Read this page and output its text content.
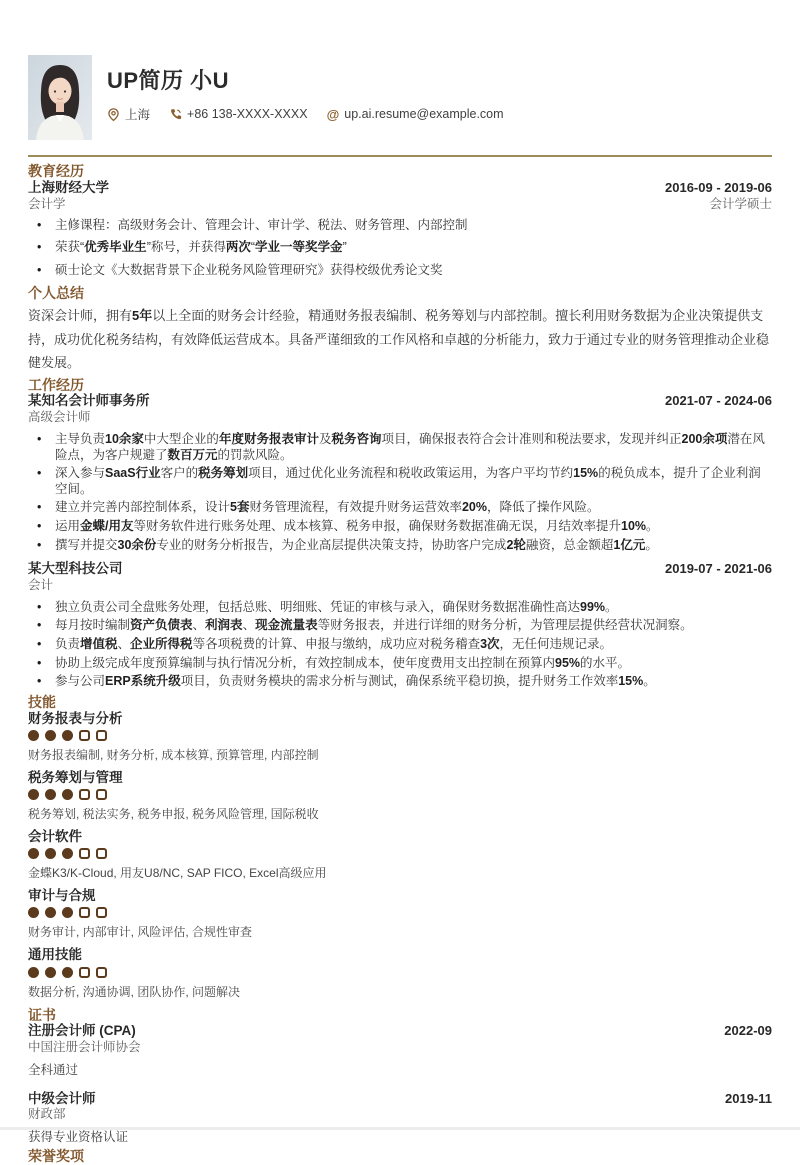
UP简历 小U
上海	+86 138-XXXX-XXXX @ up.ai.resume@example.com
教育经历
上海财经大学	2016-09 - 2019-06
会计学	会计学硕士
• 主修课程：高级财务会计、管理会计、审计学、税法、财务管理、内部控制
• 荣获“优秀毕业生”称号，并获得两次“学业一等奖学金”
• 硕士论文《大数据背景下企业税务风险管理研究》获得校级优秀论文奖
个人总结

资深会计师，拥有5年以上全面的财务会计经验，精通财务报表编制、税务筹划与内部控制。擅长利用财务数据为企业决策提供支持，成功优化税务结构，有效降低运营成本。具备严谨细致的工作风格和卓越的分析能力，致力于通过专业的财务管理推动企业稳健发展。

工作经历
某知名会计师事务所	2021-07 - 2024-06
高级会计师
• 主导负责10余家中大型企业的年度财务报表审计及税务咨询项目，确保报表符合会计准则和税法要求，发现并纠正200余项潜在风险点，为客户规避了数百万元的罚款风险。
• 深入参与SaaS行业客户的税务筹划项目，通过优化业务流程和税收政策运用，为客户平均节约15%的税负成本，提升了企业利润空间。
• 建立并完善内部控制体系，设计5套财务管理流程，有效提升财务运营效率20%，降低了操作风险。
• 运用金蝶/用友等财务软件进行账务处理、成本核算、税务申报，确保财务数据准确无误，月结效率提升10%。
• 撰写并提交30余份专业的财务分析报告，为企业高层提供决策支持，协助客户完成2轮融资，总金额超1亿元。
某大型科技公司	2019-07 - 2021-06
会计
• 独立负责公司全盘账务处理，包括总账、明细账、凭证的审核与录入，确保财务数据准确性高达99%。
• 每月按时编制资产负债表、利润表、现金流量表等财务报表，并进行详细的财务分析，为管理层提供经营状况洞察。
• 负责增值税、企业所得税等各项税费的计算、申报与缴纳，成功应对税务稽查3次，无任何违规记录。
• 协助上级完成年度预算编制与执行情况分析，有效控制成本，使年度费用支出控制在预算内95%的水平。
• 参与公司ERP系统升级项目，负责财务模块的需求分析与测试，确保系统平稳切换，提升财务工作效率15%。
技能
财务报表与分析
财务报表编制, 财务分析, 成本核算, 预算管理, 内部控制
税务筹划与管理
税务筹划, 税法实务, 税务申报, 税务风险管理, 国际税收
会计软件
金蝶K3/K-Cloud, 用友U8/NC, SAP FICO, Excel高级应用
审计与合规
财务审计, 内部审计, 风险评估, 合规性审查
通用技能
数据分析, 沟通协调, 团队协作, 问题解决
证书
注册会计师 (CPA)	2022-09
中国注册会计师协会
全科通过
中级会计师	2019-11
财政部
获得专业资格认证
荣誉奖项
